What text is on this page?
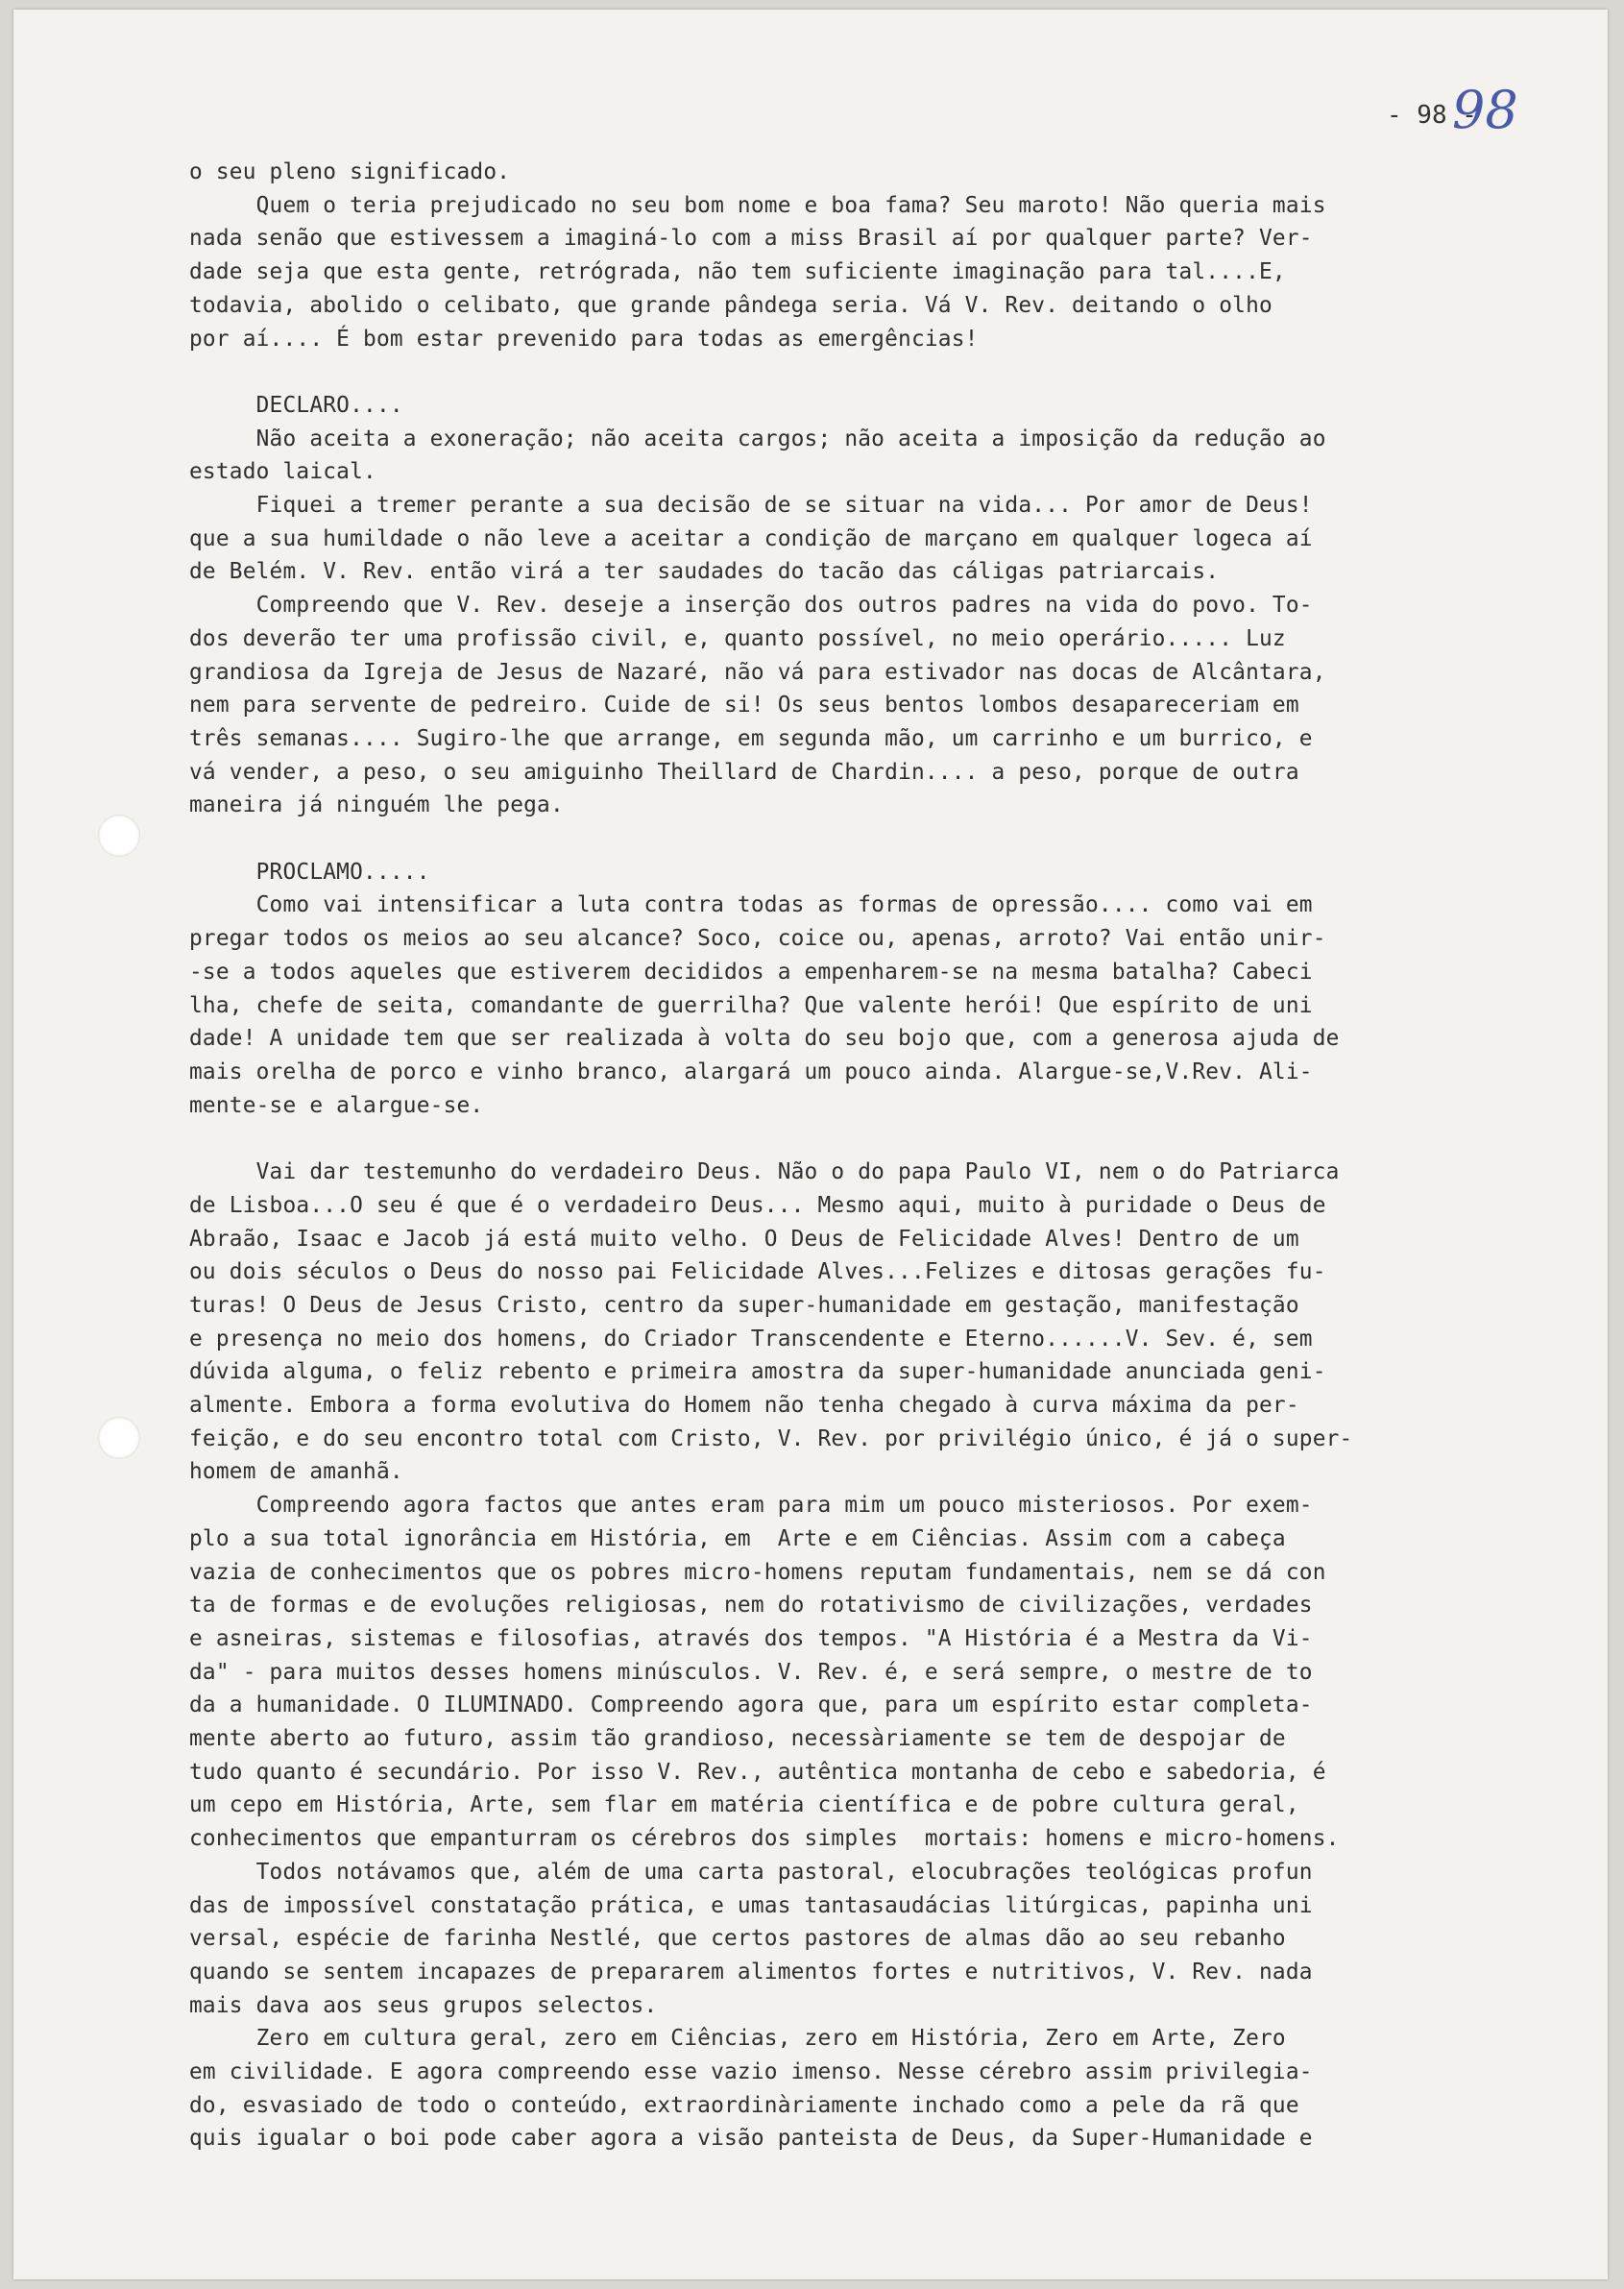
- 98 -
98

o seu pleno significado.

Quem o teria prejudicado no seu bom nome e boa fama? Seu maroto! Não queria mais

nada senão que estivessem a imaginá-lo com a miss Brasil aí por qualquer parte? Ver-

dade seja que esta gente, retrógrada, não tem suficiente imaginação para tal....E,

todavia, abolido o celibato, que grande pândega seria. Vá V. Rev. deitando o olho

por aí.... É bom estar prevenido para todas as emergências!

DECLARO....

Não aceita a exoneração; não aceita cargos; não aceita a imposição da redução ao

estado laical.

Fiquei a tremer perante a sua decisão de se situar na vida... Por amor de Deus!

que a sua humildade o não leve a aceitar a condição de marçano em qualquer logeca aí

de Belém. V. Rev. então virá a ter saudades do tacão das cáligas patriarcais.

Compreendo que V. Rev. deseje a inserção dos outros padres na vida do povo. To-

dos deverão ter uma profissão civil, e, quanto possível, no meio operário..... Luz

grandiosa da Igreja de Jesus de Nazaré, não vá para estivador nas docas de Alcântara,

nem para servente de pedreiro. Cuide de si! Os seus bentos lombos desapareceriam em

três semanas.... Sugiro-lhe que arrange, em segunda mão, um carrinho e um burrico, e

vá vender, a peso, o seu amiguinho Theillard de Chardin.... a peso, porque de outra

maneira já ninguém lhe pega.

PROCLAMO.....

Como vai intensificar a luta contra todas as formas de opressão.... como vai em

pregar todos os meios ao seu alcance? Soco, coice ou, apenas, arroto? Vai então unir-

-se a todos aqueles que estiverem decididos a empenharem-se na mesma batalha? Cabeci

lha, chefe de seita, comandante de guerrilha? Que valente herói! Que espírito de uni

dade! A unidade tem que ser realizada à volta do seu bojo que, com a generosa ajuda de

mais orelha de porco e vinho branco, alargará um pouco ainda. Alargue-se,V.Rev. Ali-

mente-se e alargue-se.

Vai dar testemunho do verdadeiro Deus. Não o do papa Paulo VI, nem o do Patriarca

de Lisboa...O seu é que é o verdadeiro Deus... Mesmo aqui, muito à puridade o Deus de

Abraão, Isaac e Jacob já está muito velho. O Deus de Felicidade Alves! Dentro de um

ou dois séculos o Deus do nosso pai Felicidade Alves...Felizes e ditosas gerações fu-

turas! O Deus de Jesus Cristo, centro da super-humanidade em gestação, manifestação

e presença no meio dos homens, do Criador Transcendente e Eterno......V. Sev. é, sem

dúvida alguma, o feliz rebento e primeira amostra da super-humanidade anunciada geni-

almente. Embora a forma evolutiva do Homem não tenha chegado à curva máxima da per-

feição, e do seu encontro total com Cristo, V. Rev. por privilégio único, é já o super-

homem de amanhã.

Compreendo agora factos que antes eram para mim um pouco misteriosos. Por exem-

plo a sua total ignorância em História, em  Arte e em Ciências. Assim com a cabeça

vazia de conhecimentos que os pobres micro-homens reputam fundamentais, nem se dá con

ta de formas e de evoluções religiosas, nem do rotativismo de civilizações, verdades

e asneiras, sistemas e filosofias, através dos tempos. "A História é a Mestra da Vi-

da" - para muitos desses homens minúsculos. V. Rev. é, e será sempre, o mestre de to

da a humanidade. O ILUMINADO. Compreendo agora que, para um espírito estar completa-

mente aberto ao futuro, assim tão grandioso, necessàriamente se tem de despojar de

tudo quanto é secundário. Por isso V. Rev., autêntica montanha de cebo e sabedoria, é

um cepo em História, Arte, sem flar em matéria científica e de pobre cultura geral,

conhecimentos que empanturram os cérebros dos simples  mortais: homens e micro-homens.

Todos notávamos que, além de uma carta pastoral, elocubrações teológicas profun

das de impossível constatação prática, e umas tantasaudácias litúrgicas, papinha uni

versal, espécie de farinha Nestlé, que certos pastores de almas dão ao seu rebanho

quando se sentem incapazes de prepararem alimentos fortes e nutritivos, V. Rev. nada

mais dava aos seus grupos selectos.

Zero em cultura geral, zero em Ciências, zero em História, Zero em Arte, Zero

em civilidade. E agora compreendo esse vazio imenso. Nesse cérebro assim privilegia-

do, esvasiado de todo o conteúdo, extraordinàriamente inchado como a pele da rã que

quis igualar o boi pode caber agora a visão panteista de Deus, da Super-Humanidade e
